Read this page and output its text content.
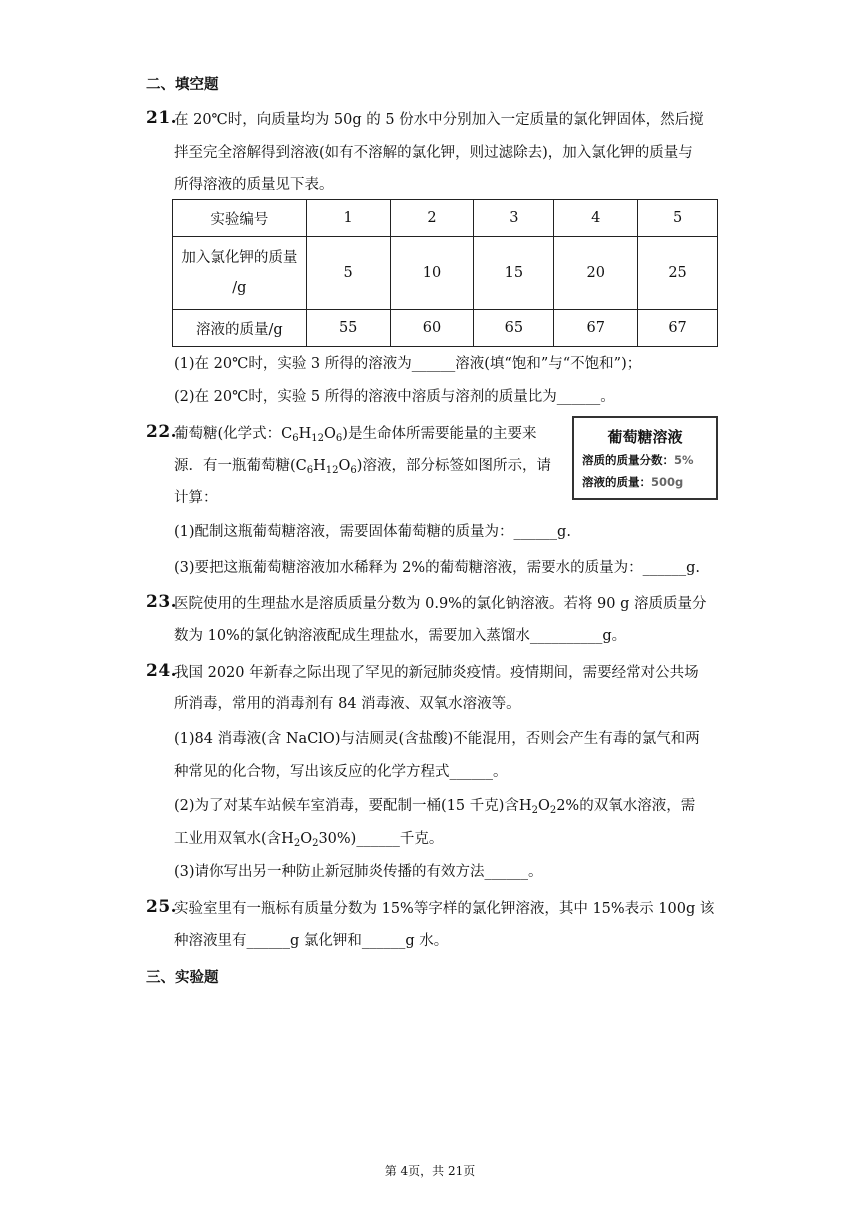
二、填空题
21.
在 20℃时，向质量均为 50g 的 5 份水中分别加入一定质量的氯化钾固体，然后搅
拌至完全溶解得到溶液(如有不溶解的氯化钾，则过滤除去)，加入氯化钾的质量与
所得溶液的质量见下表。
实验编号	1	2	3	4	5
加入氯化钾的质量
/g	5	10	15	20	25
溶液的质量/g	55	60	65	67	67
(1)在 20℃时，实验 3 所得的溶液为______溶液(填“饱和”与“不饱和”)；
(2)在 20℃时，实验 5 所得的溶液中溶质与溶剂的质量比为______。
22.
葡萄糖(化学式：$C_6H_{12}O_6$)是生命体所需要能量的主要来
源．有一瓶葡萄糖$(C_6H_{12}O_6)$溶液，部分标签如图所示，请
计算：
葡萄糖溶液
溶质的质量分数：5%
溶液的质量：500g
(1)配制这瓶葡萄糖溶液，需要固体葡萄糖的质量为：______g.
(3)要把这瓶葡萄糖溶液加水稀释为 2%的葡萄糖溶液，需要水的质量为：______g.
23.
医院使用的生理盐水是溶质质量分数为 0.9%的氯化钠溶液。若将 90 g 溶质质量分
数为 10%的氯化钠溶液配成生理盐水，需要加入蒸馏水__________g。
24.
我国 2020 年新春之际出现了罕见的新冠肺炎疫情。疫情期间，需要经常对公共场
所消毒，常用的消毒剂有 84 消毒液、双氧水溶液等。
(1)84 消毒液(含 NaClO)与洁厕灵(含盐酸)不能混用，否则会产生有毒的氯气和两
种常见的化合物，写出该反应的化学方程式______。
(2)为了对某车站候车室消毒，要配制一桶(15 千克)含$H_2O_22\%$的双氧水溶液，需
工业用双氧水(含$H_2O_230\%)\_\_\_\_\_\_$千克。
(3)请你写出另一种防止新冠肺炎传播的有效方法______。
25.
实验室里有一瓶标有质量分数为 15%等字样的氯化钾溶液，其中 15%表示 100g 该
种溶液里有______g 氯化钾和______g 水。
三、实验题
第 4页，共 21页
